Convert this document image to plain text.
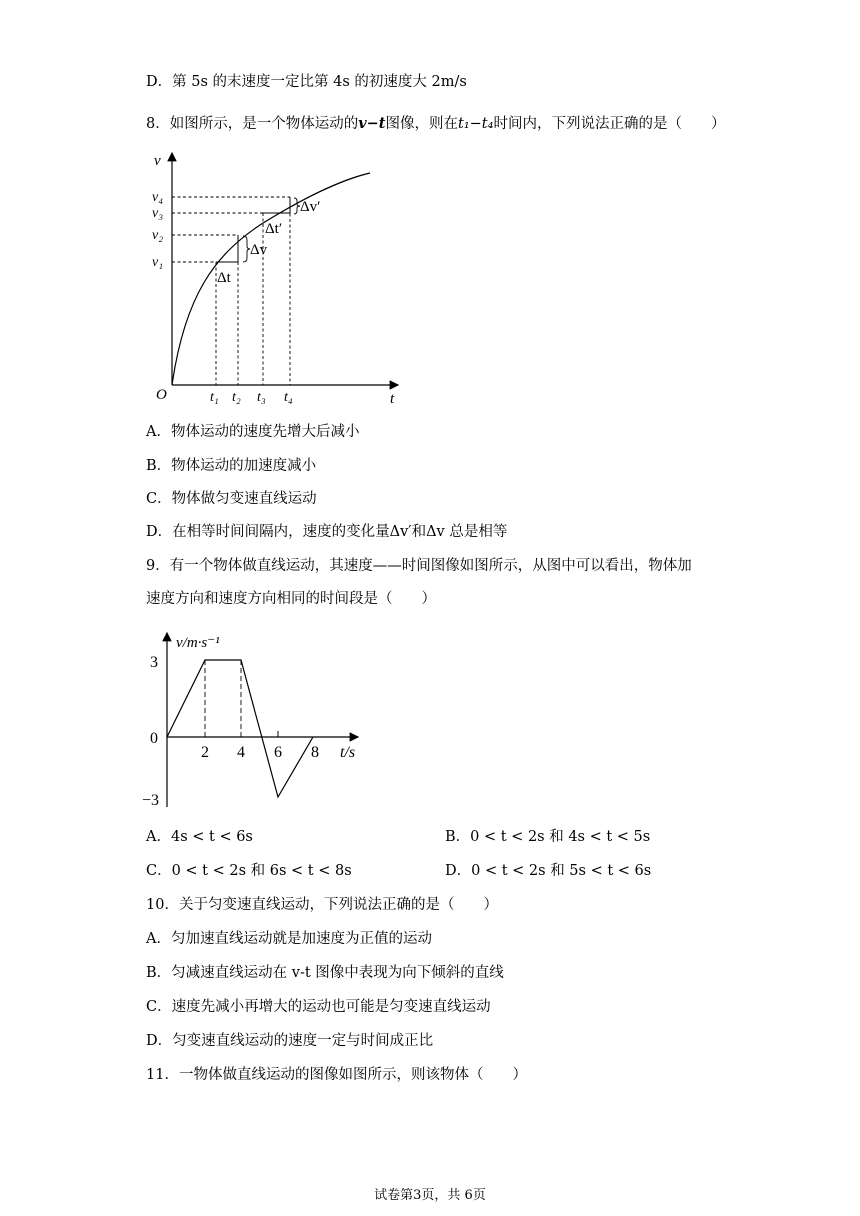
D．第 5s 的末速度一定比第 4s 的初速度大 2m/s
8．如图所示，是一个物体运动的v−t图像，则在t₁−t₄时间内，下列说法正确的是（　　）
v
t
O
Δv
Δt
Δv′
Δt′
v₄
v₃
v₂
v₁
t₁ t₂ t₃ t₄
A．物体运动的速度先增大后减小
B．物体运动的加速度减小
C．物体做匀变速直线运动
D．在相等时间间隔内，速度的变化量Δv′和Δv 总是相等
9．有一个物体做直线运动，其速度——时间图像如图所示，从图中可以看出，物体加
速度方向和速度方向相同的时间段是（　　）
v/m·s⁻¹
t/s
3
0
−3
2 4 6 8
A．4s < t < 6s	B．0 < t < 2s 和 4s < t < 5s
C．0 < t < 2s 和 6s < t < 8s	D．0 < t < 2s 和 5s < t < 6s
10．关于匀变速直线运动，下列说法正确的是（　　）
A．匀加速直线运动就是加速度为正值的运动
B．匀减速直线运动在 v-t 图像中表现为向下倾斜的直线
C．速度先减小再增大的运动也可能是匀变速直线运动
D．匀变速直线运动的速度一定与时间成正比
11．一物体做直线运动的图像如图所示，则该物体（　　）
试卷第3页，共 6页
